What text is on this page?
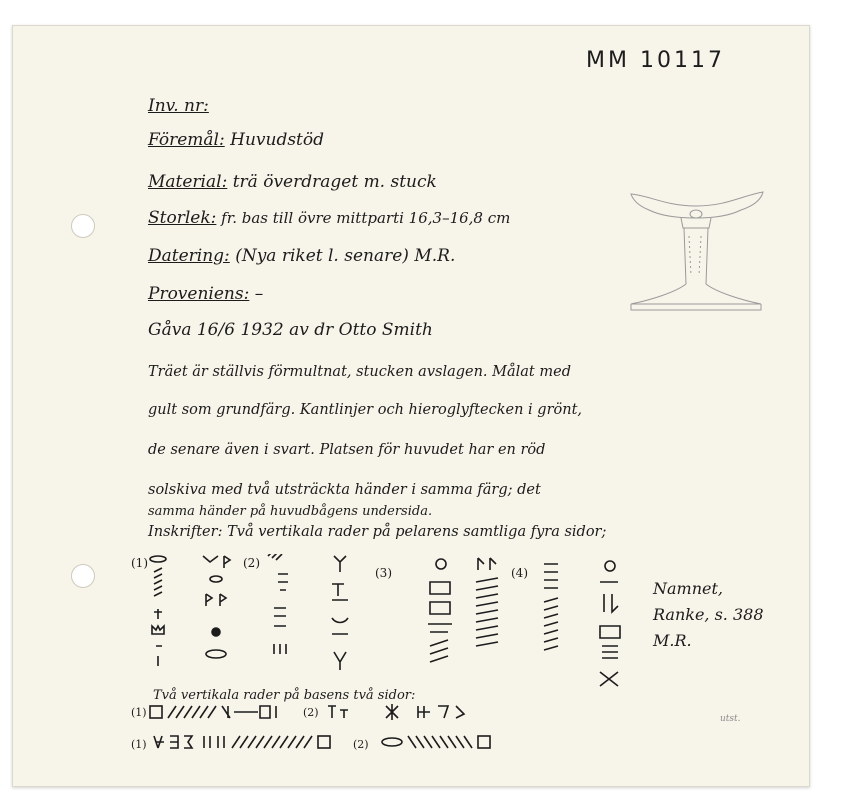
MM 10117
Inv. nr:
Föremål: Huvudstöd
Material: trä överdraget m. stuck
Storlek: fr. bas till övre mittparti 16,3–16,8 cm
Datering: (Nya riket l. senare) M.R.
Proveniens: –
Gåva 16/6 1932 av dr Otto Smith
Träet är ställvis förmultnat, stucken avslagen. Målat med
gult som grundfärg. Kantlinjer och hieroglyftecken i grönt,
de senare även i svart. Platsen för huvudet har en röd
solskiva med två utsträckta händer i samma färg; det
samma händer på huvudbågens undersida.
Inskrifter: Två vertikala rader på pelarens samtliga fyra sidor;
(1)	(2)
(3)	(4)
Namnet,
Ranke, s. 388
M.R.
utst.
Två vertikala rader på basens två sidor:
(1)	(2)
(1)	(2)
